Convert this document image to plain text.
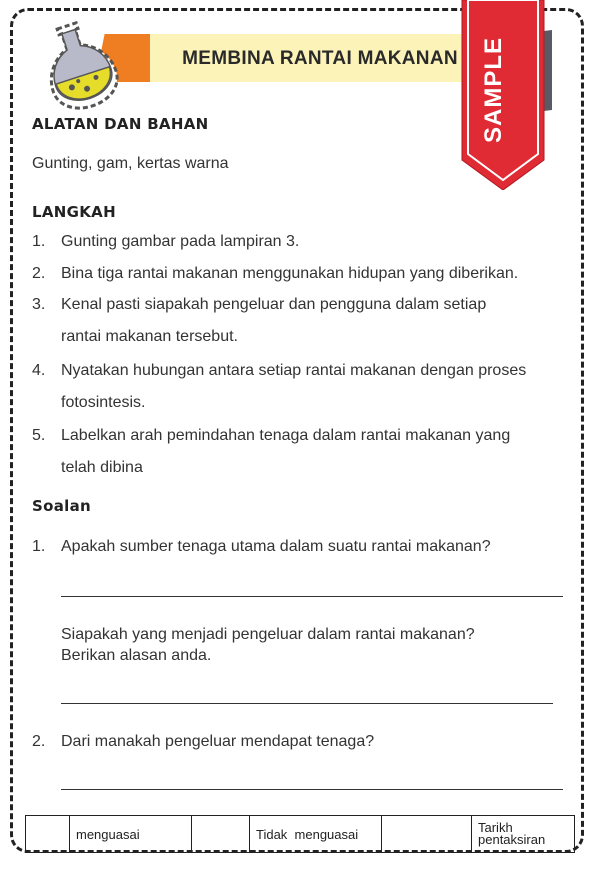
MEMBINA RANTAI MAKANAN SAMPLE
ALATAN DAN BAHAN
Gunting, gam, kertas warna
LANGKAH
1. Gunting gambar pada lampiran 3.
2. Bina tiga rantai makanan menggunakan hidupan yang diberikan.
3. Kenal pasti siapakah pengeluar dan pengguna dalam setiap
rantai makanan tersebut.
4. Nyatakan hubungan antara setiap rantai makanan dengan proses
fotosintesis.
5. Labelkan arah pemindahan tenaga dalam rantai makanan yang
telah dibina
Soalan
1. Apakah sumber tenaga utama dalam suatu rantai makanan?
Siapakah yang menjadi pengeluar dalam rantai makanan?
Berikan alasan anda.
2. Dari manakah pengeluar mendapat tenaga?
menguasai	Tidak  menguasai	Tarikh
pentaksiran
